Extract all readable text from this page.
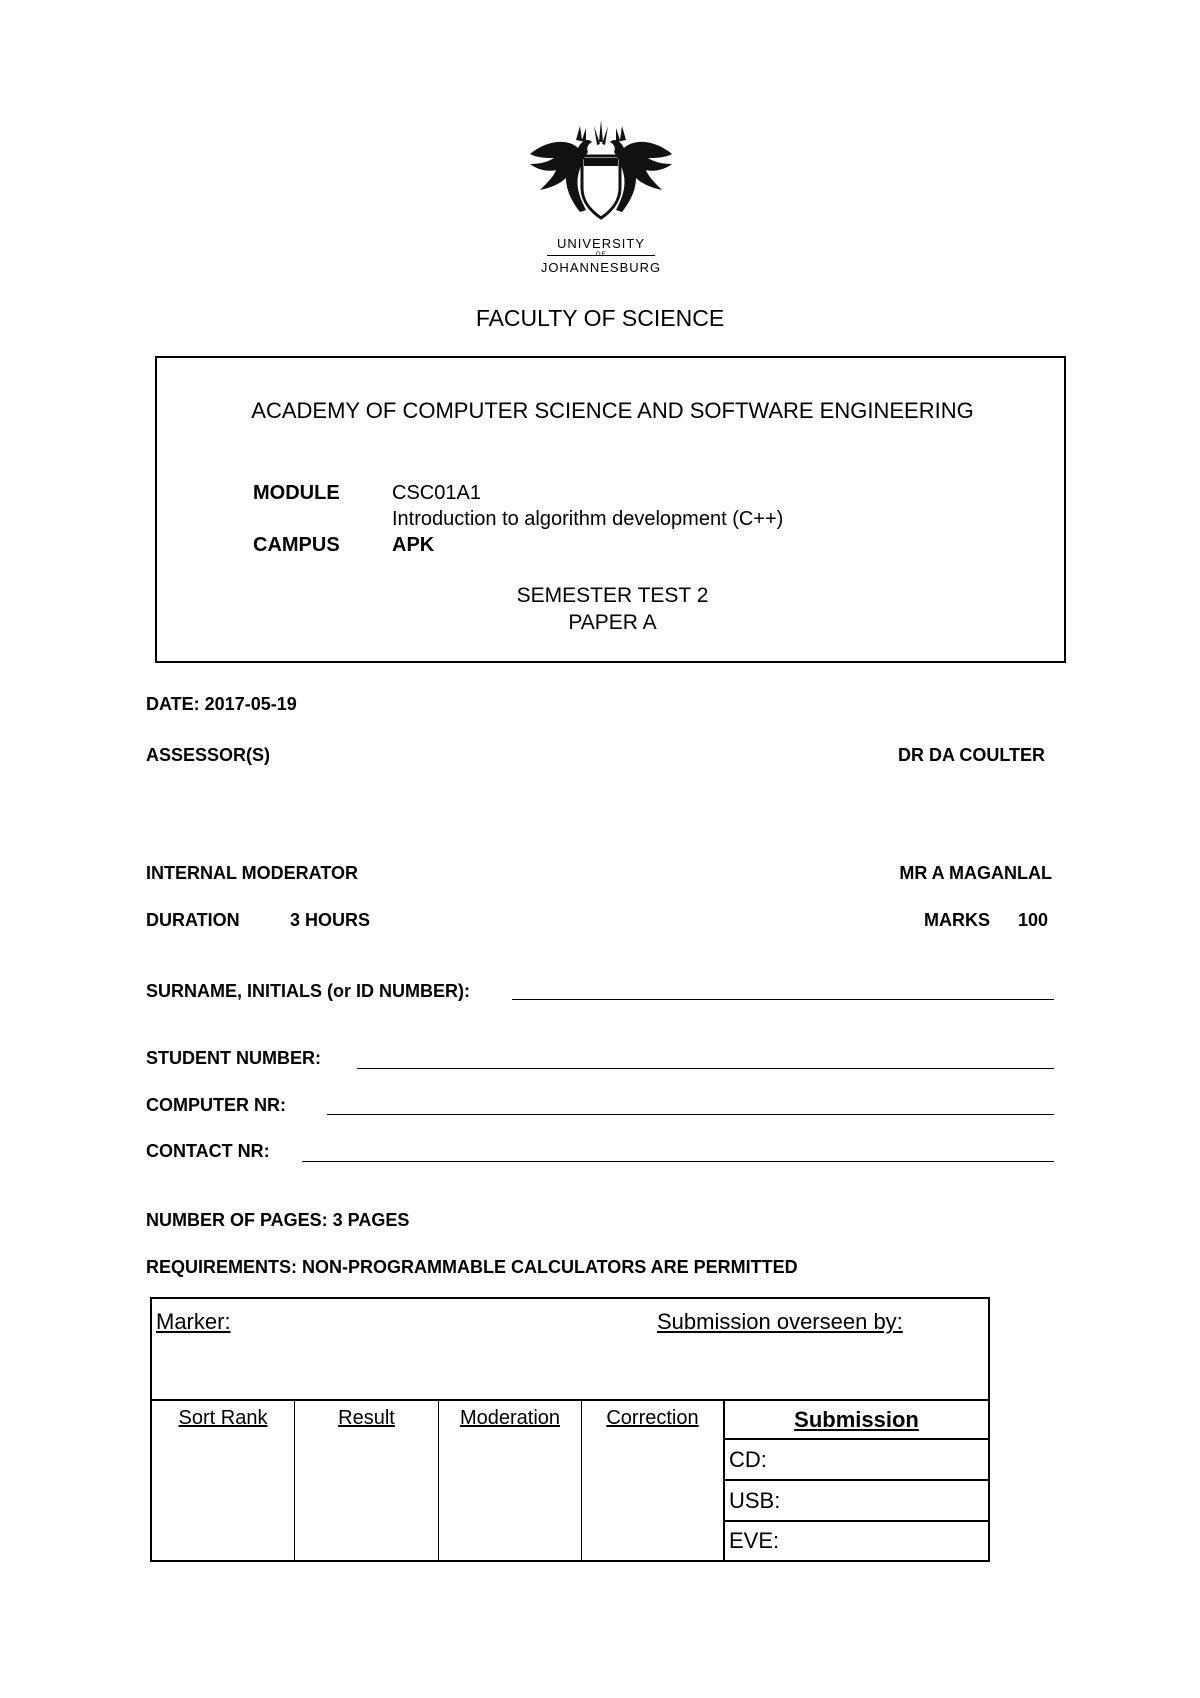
UNIVERSITY
OF
JOHANNESBURG
FACULTY OF SCIENCE
ACADEMY OF COMPUTER SCIENCE AND SOFTWARE ENGINEERING
MODULE	CSC01A1
Introduction to algorithm development (C++)
CAMPUS	APK
SEMESTER TEST 2
PAPER A
DATE: 2017-05-19
ASSESSOR(S)	DR DA COULTER
INTERNAL MODERATOR	MR A MAGANLAL
DURATION	3 HOURS	MARKS 100
SURNAME, INITIALS (or ID NUMBER):
STUDENT NUMBER:
COMPUTER NR:
CONTACT NR:
NUMBER OF PAGES: 3 PAGES
REQUIREMENTS: NON-PROGRAMMABLE CALCULATORS ARE PERMITTED
Marker:	Submission overseen by:
Sort Rank	Result	Moderation	Correction	Submission
CD:
USB:
EVE:
